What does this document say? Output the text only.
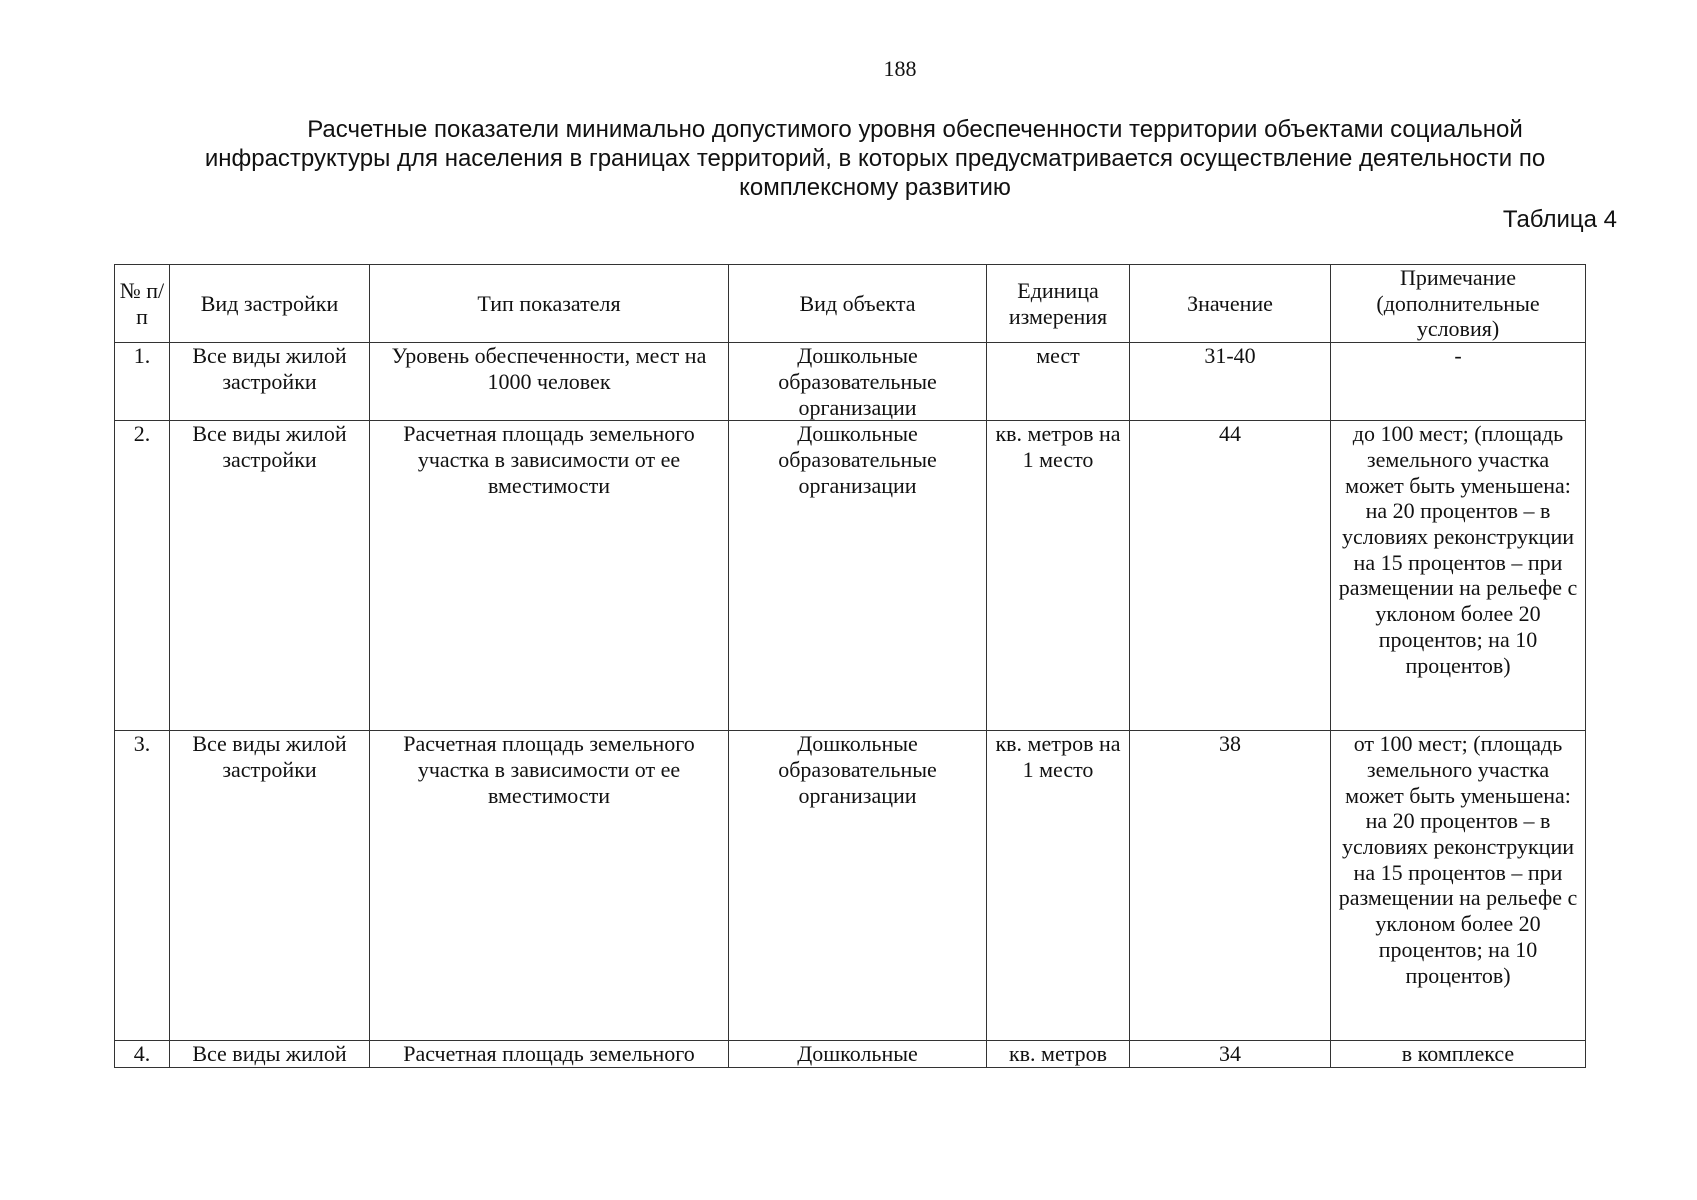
188
Расчетные показатели минимально допустимого уровня обеспеченности территории объектами социальной
инфраструктуры для населения в границах территорий, в которых предусматривается осуществление деятельности по
комплексному развитию
Таблица 4
№ п/п	Вид застройки	Тип показателя	Вид объекта	Единица измерения	Значение	Примечание (дополнительные условия)
1.	Все виды жилой застройки	Уровень обеспеченности, мест на 1000 человек	Дошкольные образовательные организации	мест	31-40	-
2.	Все виды жилой застройки	Расчетная площадь земельного участка в зависимости от ее вместимости	Дошкольные образовательные организации	кв. метров на 1 место	44	до 100 мест; (площадь земельного участка может быть уменьшена: на 20 процентов – в условиях реконструкции на 15 процентов – при размещении на рельефе с уклоном более 20 процентов; на 10 процентов)
3.	Все виды жилой застройки	Расчетная площадь земельного участка в зависимости от ее вместимости	Дошкольные образовательные организации	кв. метров на 1 место	38	от 100 мест; (площадь земельного участка может быть уменьшена: на 20 процентов – в условиях реконструкции на 15 процентов – при размещении на рельефе с уклоном более 20 процентов; на 10 процентов)
4.	Все виды жилой	Расчетная площадь земельного	Дошкольные	кв. метров	34	в комплексе
